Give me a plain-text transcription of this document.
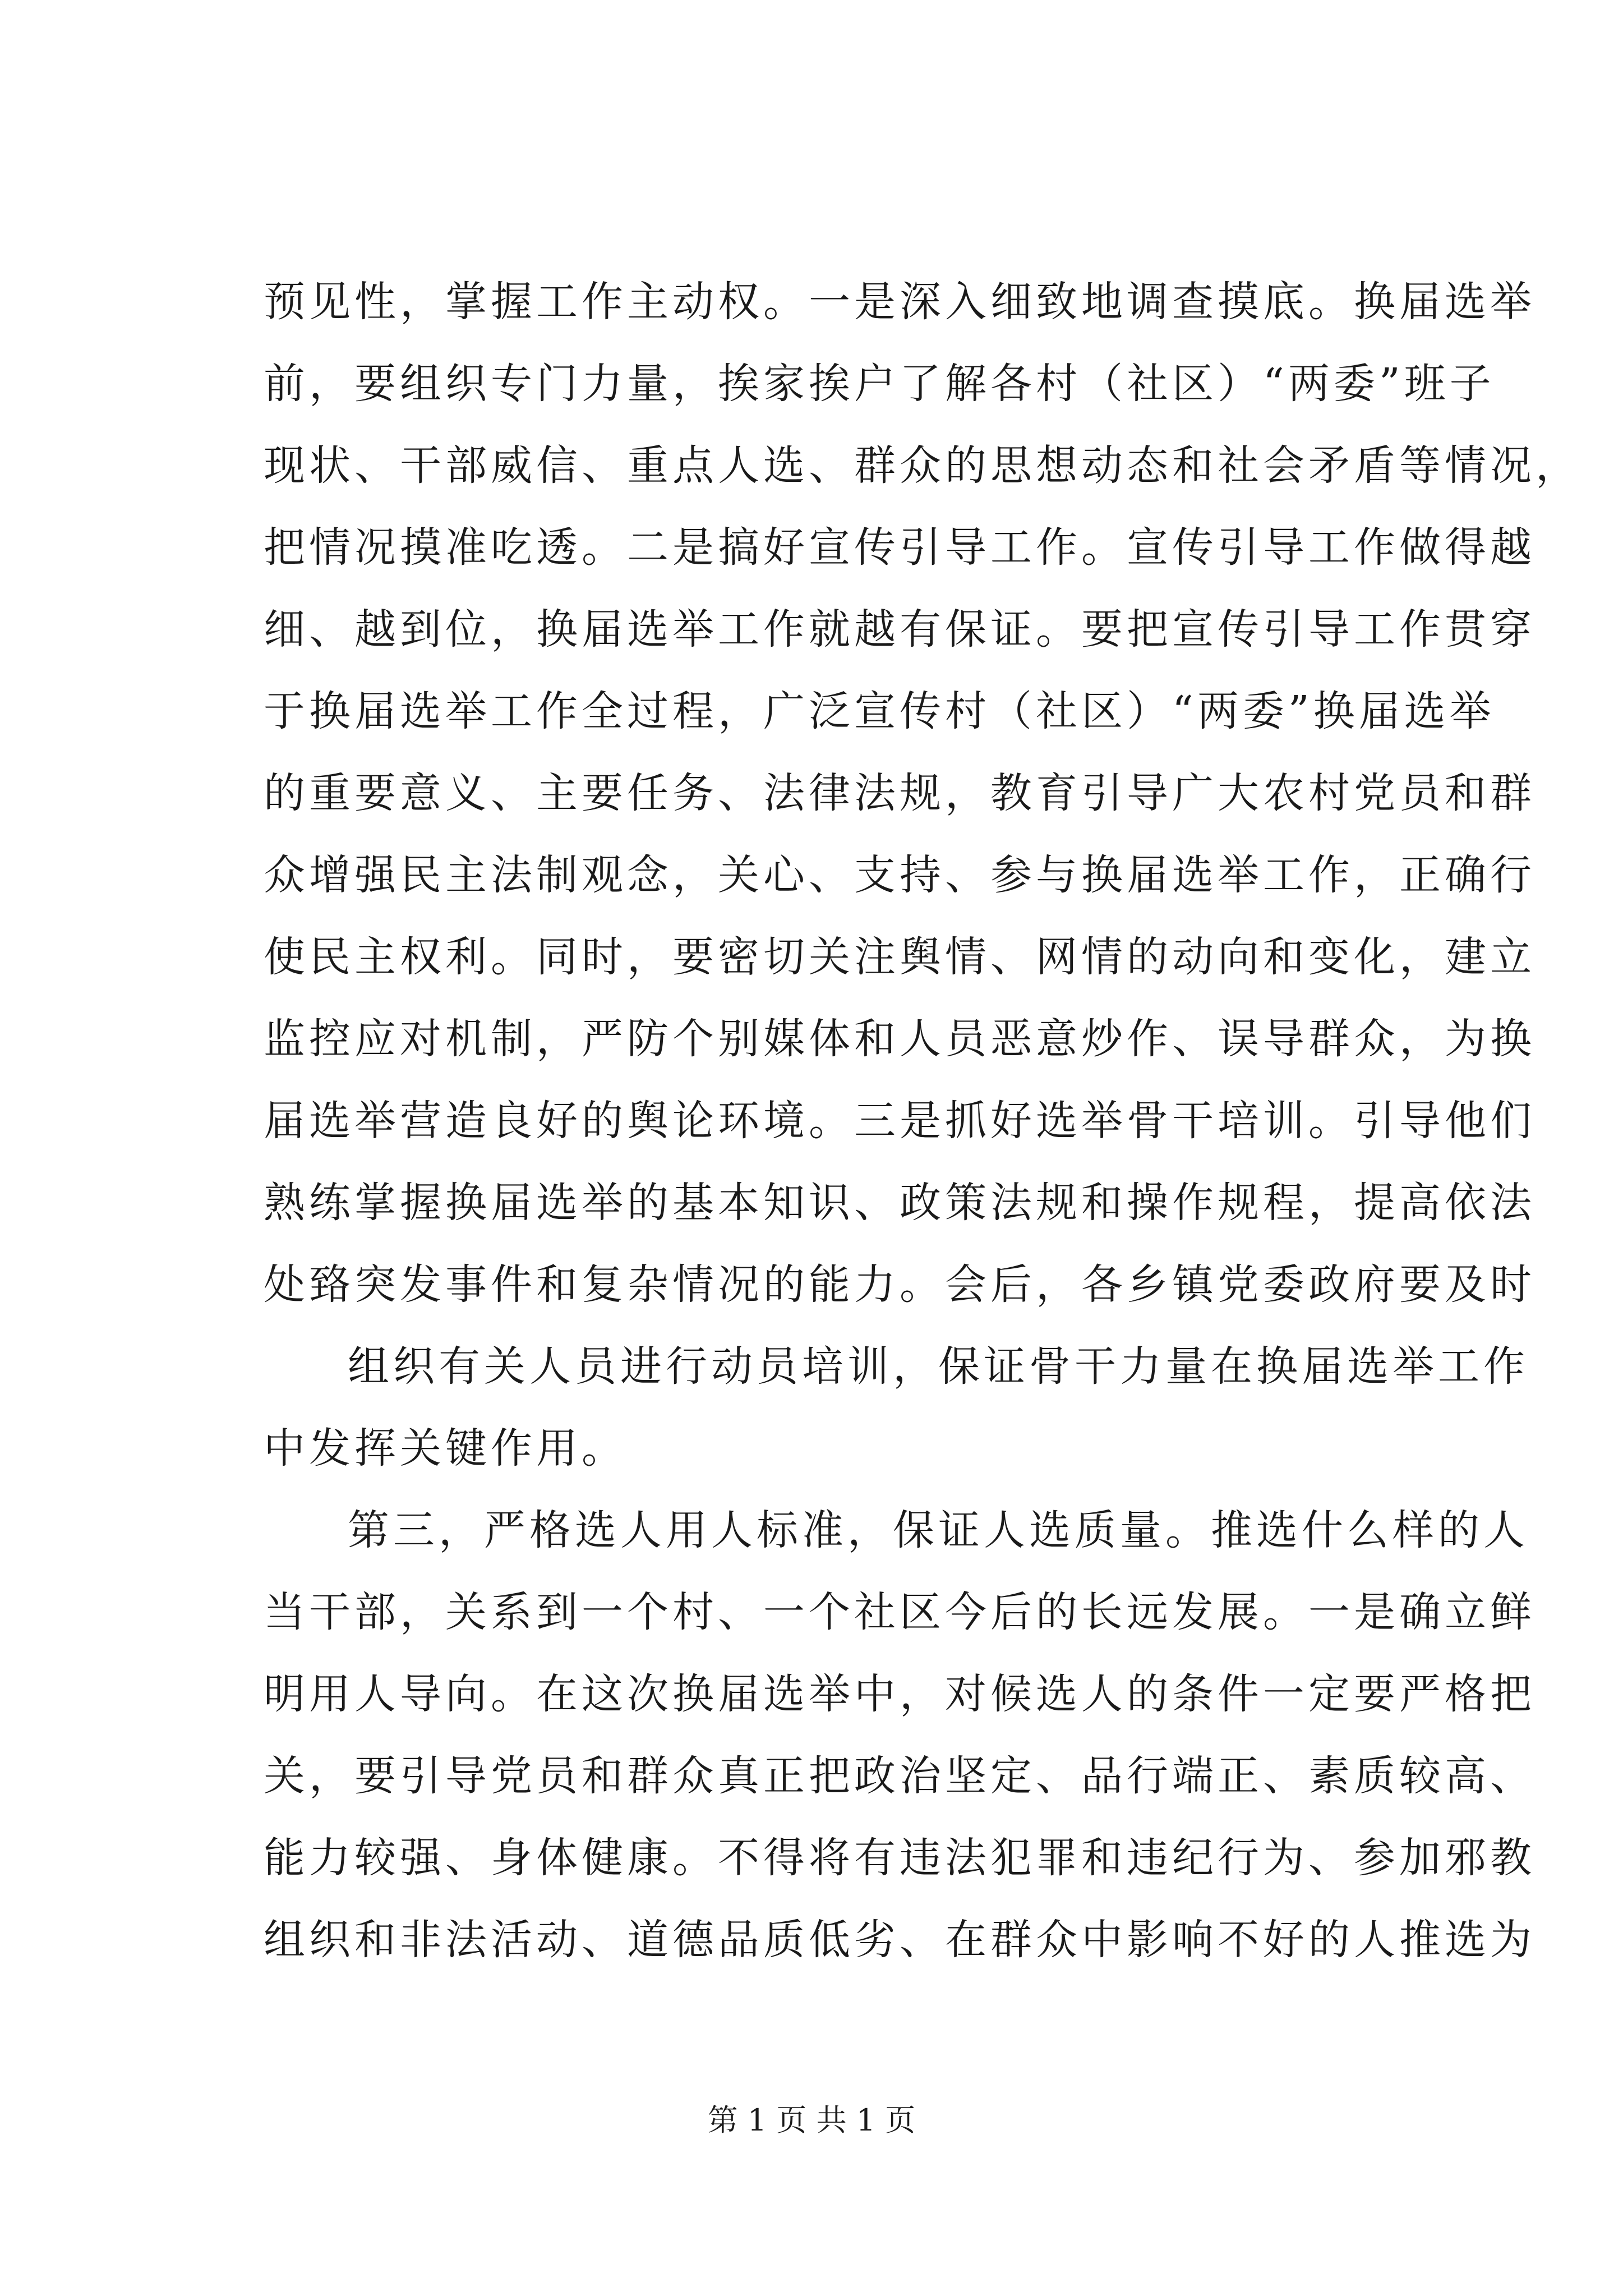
预见性，掌握工作主动权。一是深入细致地调查摸底。换届选举
前，要组织专门力量，挨家挨户了解各村（社区）“两委”班子
现状、干部威信、重点人选、群众的思想动态和社会矛盾等情况，
把情况摸准吃透。二是搞好宣传引导工作。宣传引导工作做得越
细、越到位，换届选举工作就越有保证。要把宣传引导工作贯穿
于换届选举工作全过程，广泛宣传村（社区）“两委”换届选举
的重要意义、主要任务、法律法规，教育引导广大农村党员和群
众增强民主法制观念，关心、支持、参与换届选举工作，正确行
使民主权利。同时，要密切关注舆情、网情的动向和变化，建立
监控应对机制，严防个别媒体和人员恶意炒作、误导群众，为换
届选举营造良好的舆论环境。三是抓好选举骨干培训。引导他们
熟练掌握换届选举的基本知识、政策法规和操作规程，提高依法
处臵突发事件和复杂情况的能力。会后，各乡镇党委政府要及时
组织有关人员进行动员培训，保证骨干力量在换届选举工作
中发挥关键作用。
第三，严格选人用人标准，保证人选质量。推选什么样的人
当干部，关系到一个村、一个社区今后的长远发展。一是确立鲜
明用人导向。在这次换届选举中，对候选人的条件一定要严格把
关，要引导党员和群众真正把政治坚定、品行端正、素质较高、
能力较强、身体健康。不得将有违法犯罪和违纪行为、参加邪教
组织和非法活动、道德品质低劣、在群众中影响不好的人推选为
第 1 页 共 1 页
